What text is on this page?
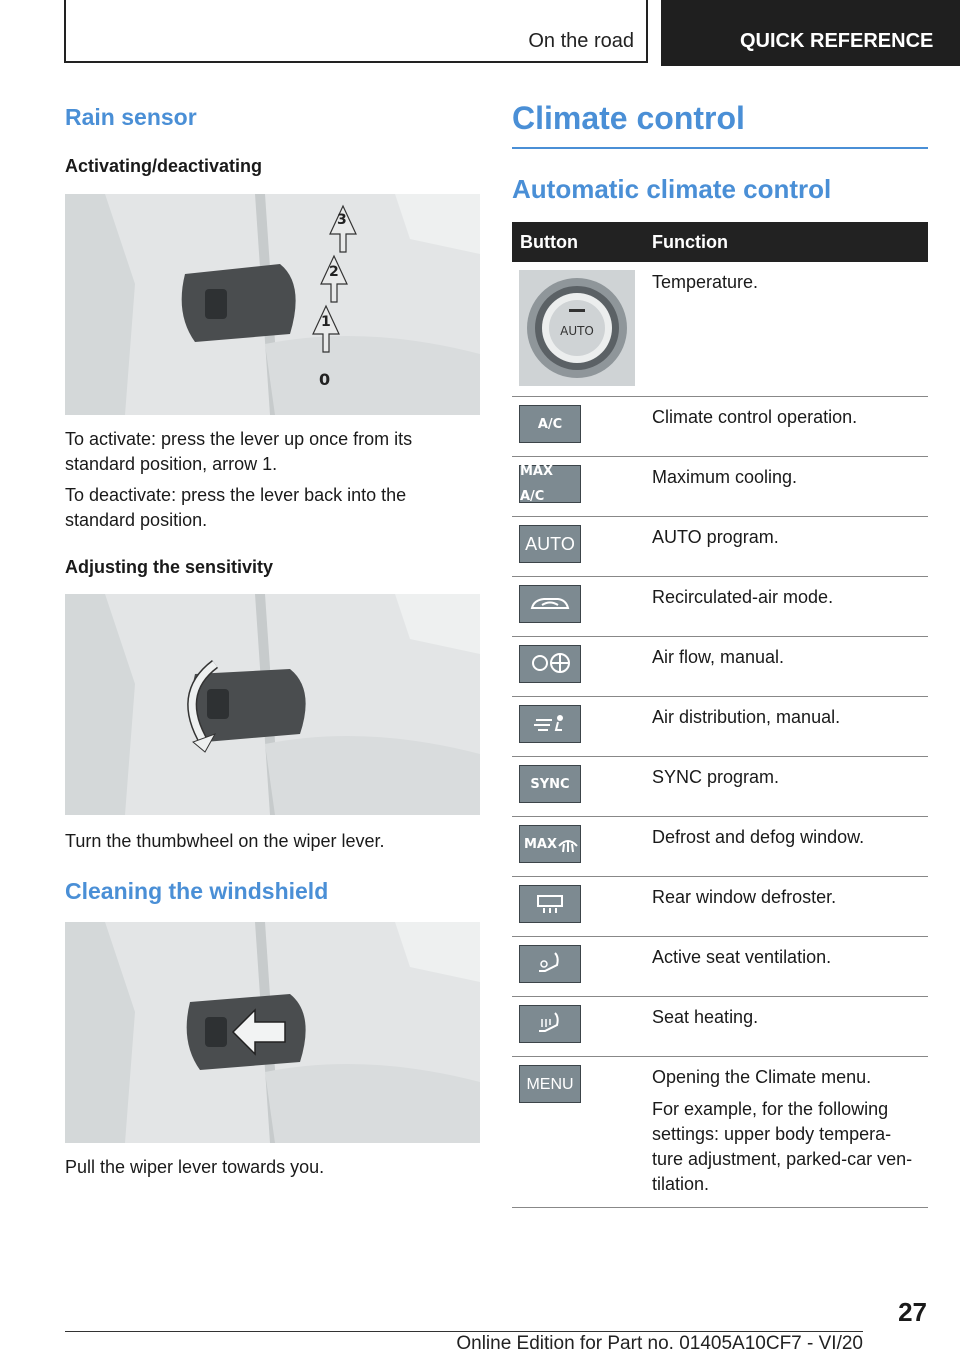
On the road	QUICK REFERENCE
Rain sensor
Activating/deactivating
3
2
1
0

To activate: press the lever up once from its standard position, arrow 1.

To deactivate: press the lever back into the standard position.

Adjusting the sensitivity

Turn the thumbwheel on the wiper lever.

Cleaning the windshield

Pull the wiper lever towards you.

Climate control
Automatic climate control
Button	Function

AUTO	Temperature.

A/C	Climate control operation.

MAX A/C	Maximum cooling.

AUTO	AUTO program.

	Recirculated-air mode.

	Air flow, manual.

	Air distribution, manual.

SYNC	SYNC program.

MAX	Defrost and defog window.

	Rear window defroster.

	Active seat ventilation.

	Seat heating.

MENU	Opening the Climate menu.
For example, for the following settings: upper body tempera-ture adjustment, parked-car ven-tilation.
27
Online Edition for Part no. 01405A10CF7 - VI/20
